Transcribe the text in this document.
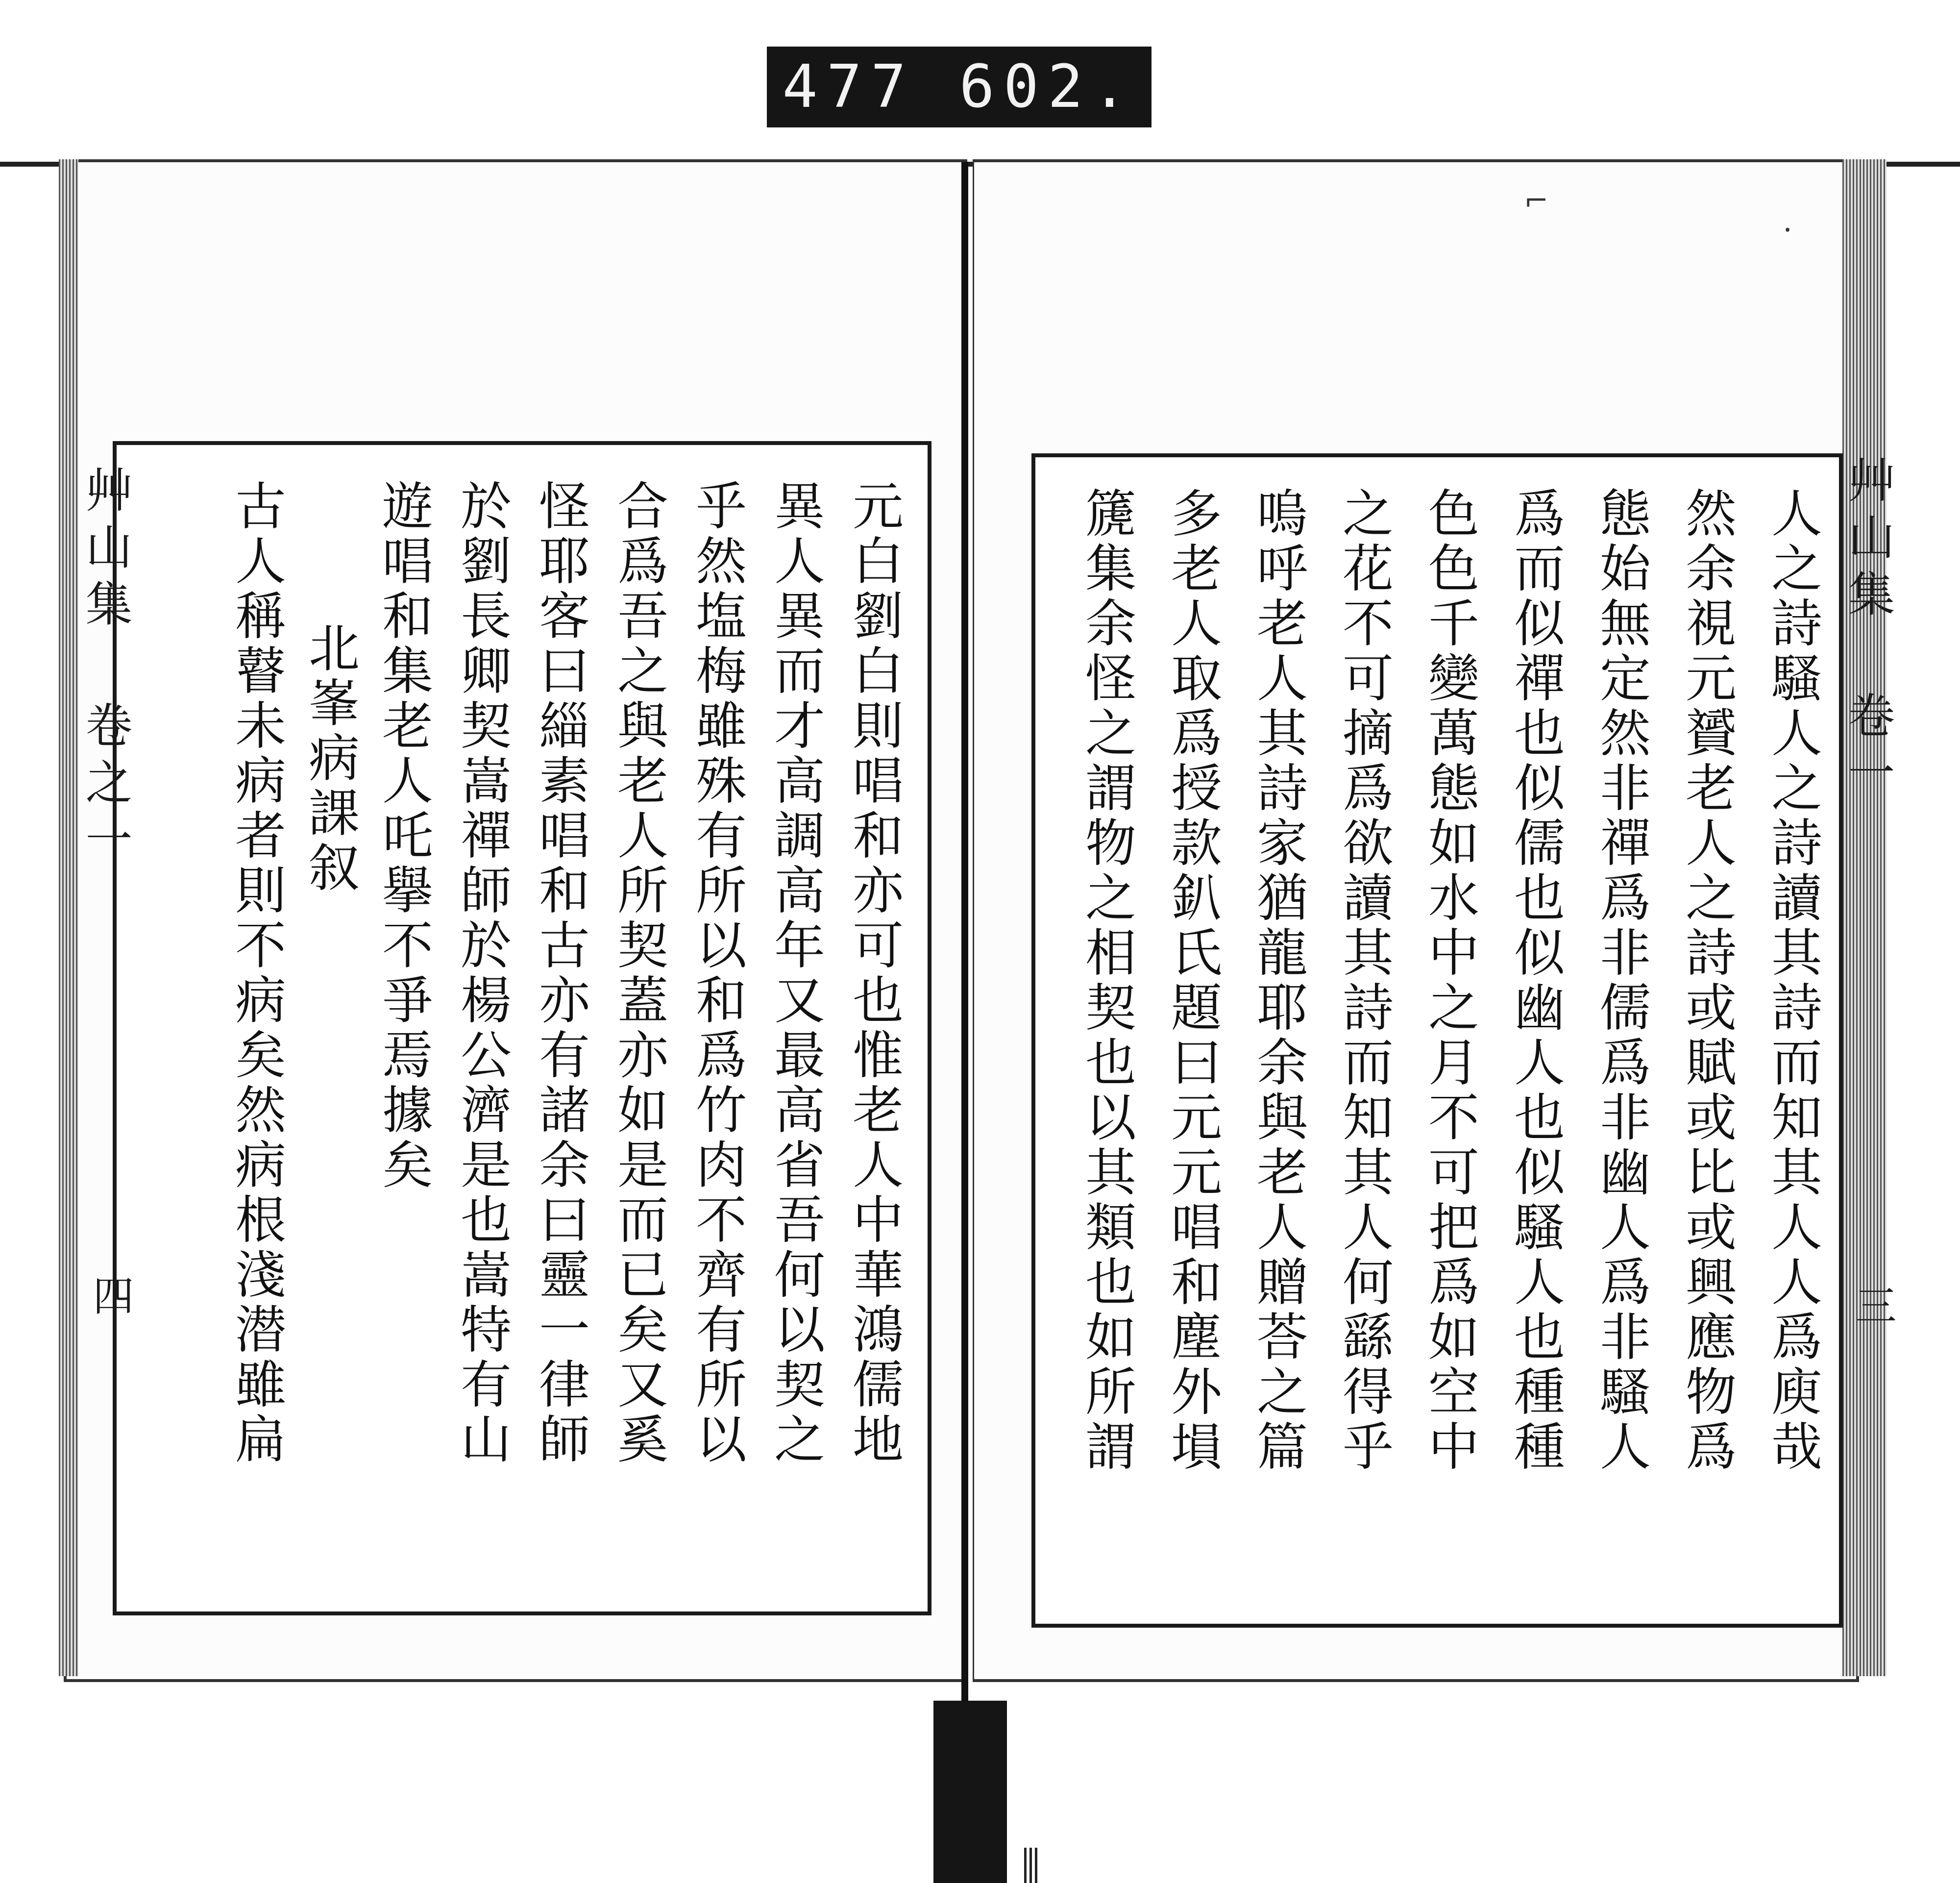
477 602.
⌐
⸱
元白劉白則唱和亦可也惟老人中華鴻儒地
異人異而才高調高年又最高省吾何以契之
乎然塩梅雖殊有所以和爲竹肉不齊有所以
合爲吾之與老人所契蓋亦如是而已矣又奚
怪耶客曰緇素唱和古亦有諸余曰靈一律師
於劉長卿契嵩禪師於楊公濟是也嵩特有山
遊唱和集老人吒擧不爭焉據矣
北峯病課叙
古人稱瞽未病者則不病矣然病根淺潜雖扁
艸山集 卷之一
四	人之詩騷人之詩讀其詩而知其人人爲庾哉
然余視元贇老人之詩或賦或比或興應物爲
態始無定然非禪爲非儒爲非幽人爲非騷人
爲而似禪也似儒也似幽人也似騷人也種種
色色千變萬態如水中之月不可把爲如空中
之花不可摘爲欲讀其詩而知其人何繇得乎
嗚呼老人其詩家猶龍耶余與老人贈荅之篇
多老人取爲授款釟氏題曰元元唱和塵外塤
篪集余怪之謂物之相契也以其類也如所謂	艸山集 卷一
三
